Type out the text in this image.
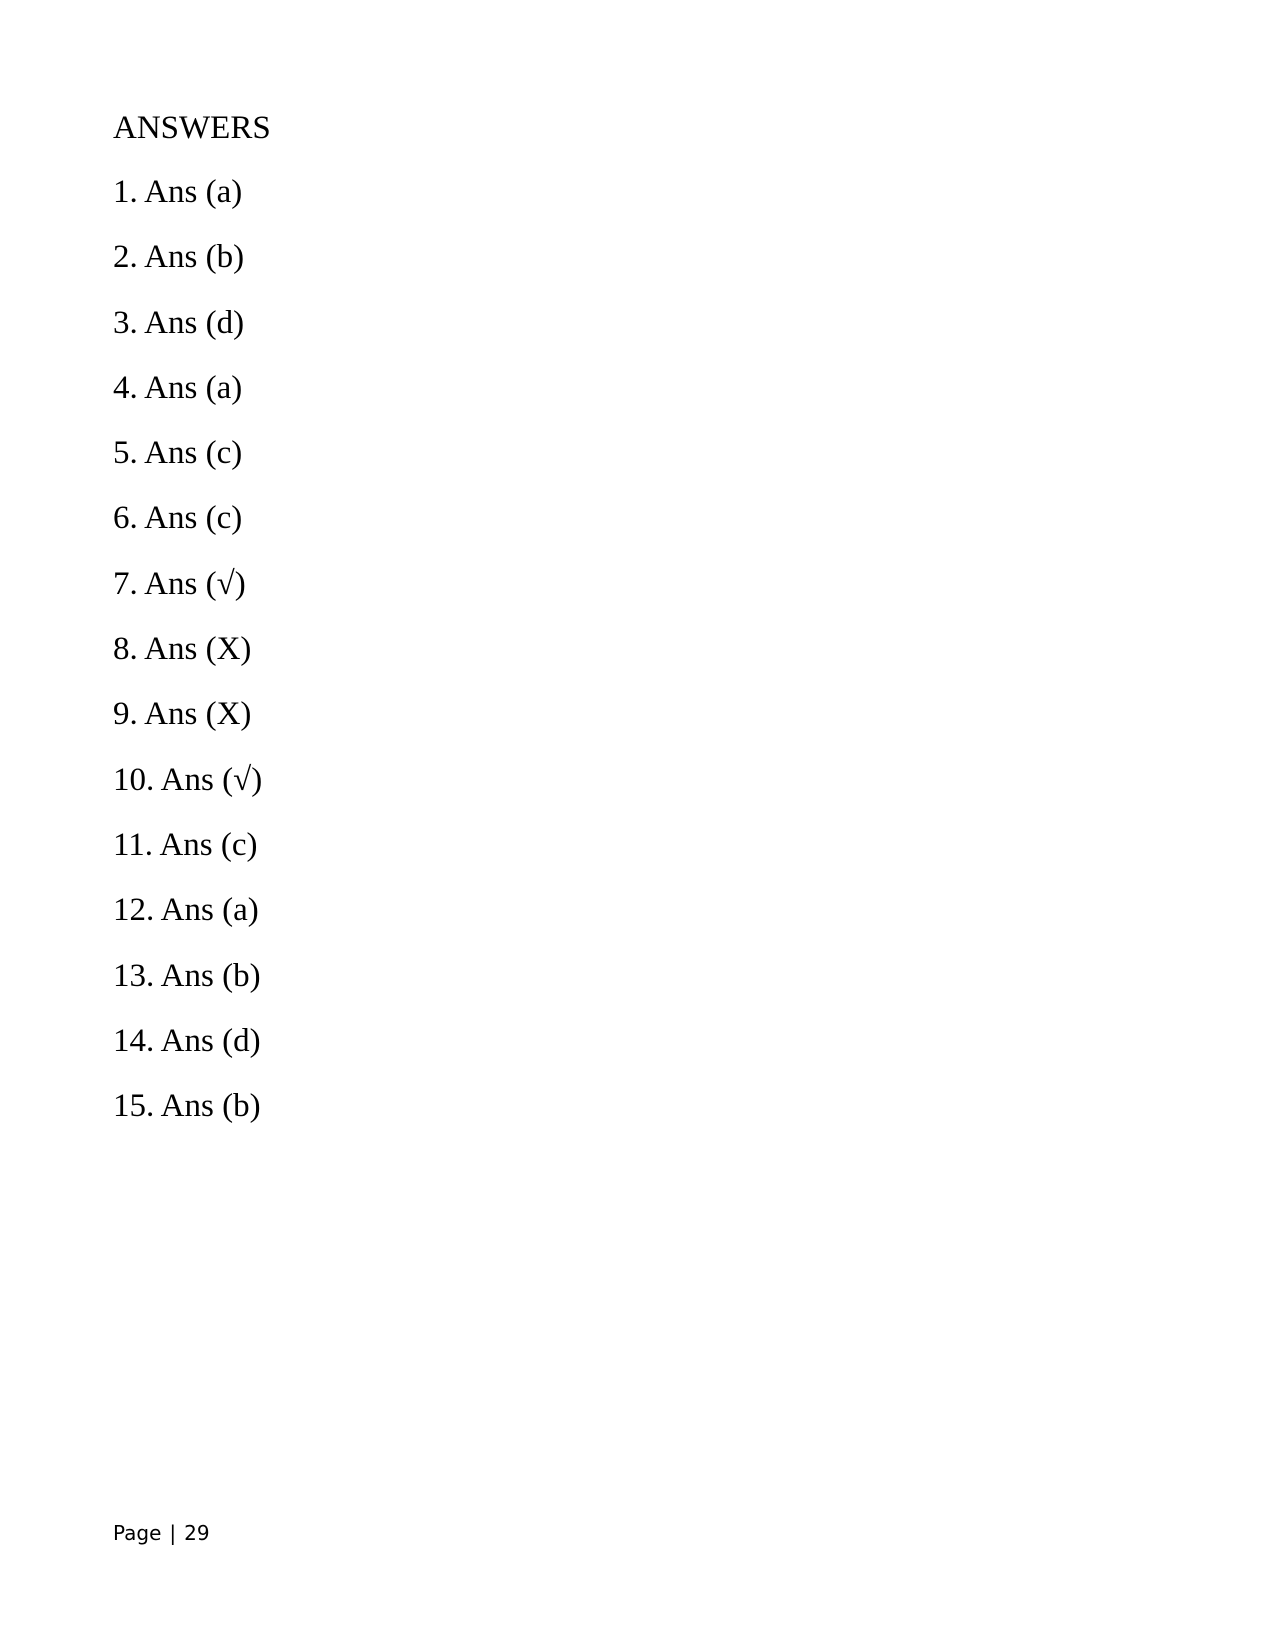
ANSWERS
1. Ans (a)
2. Ans (b)
3. Ans (d)
4. Ans (a)
5. Ans (c)
6. Ans (c)
7. Ans (√)
8. Ans (X)
9. Ans (X)
10. Ans (√)
11. Ans (c)
12. Ans (a)
13. Ans (b)
14. Ans (d)
15. Ans (b)
Page | 29
